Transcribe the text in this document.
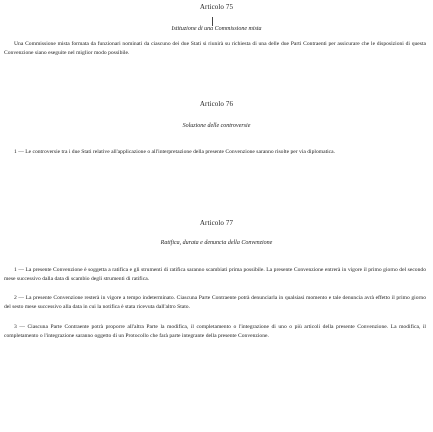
Articolo 75
Istituzione di una Commissione mista
Una Commissione mista formata da funzionari nominati da ciascuno dei due Stati si riunirà su richiesta di una delle due Parti Contraenti per assicurare che le disposizioni di questa Convenzione siano eseguite nel miglior modo possibile.
Articolo 76
Soluzione delle controversie
1 — Le controversie tra i due Stati relative all'applicazione o all'interpretazione della presente Convenzione saranno risolte per via diplomatica.
Articolo 77
Ratifica, durata e denuncia della Convenzione
1 — La presente Convenzione è soggetta a ratifica e gli strumenti di ratifica saranno scambiati prima possibile. La presente Convenzione entrerà in vigore il primo giorno del secondo mese successivo dalla data di scambio degli strumenti di ratifica.
2 — La presente Convenzione resterà in vigore a tempo indeterminato. Ciascuna Parte Contraente potrà denunciarla in qualsiasi momento e tale denuncia avrà effetto il primo giorno del sesto mese successivo alla data in cui la notifica è stata ricevuta dall'altro Stato.
3 — Ciascuna Parte Contraente potrà proporre all'altra Parte la modifica, il completamento o l'integrazione di uno o più articoli della presente Convenzione. La modifica, il completamento o l'integrazione saranno oggetto di un Protocollo che farà parte integrante della presente Convenzione.
